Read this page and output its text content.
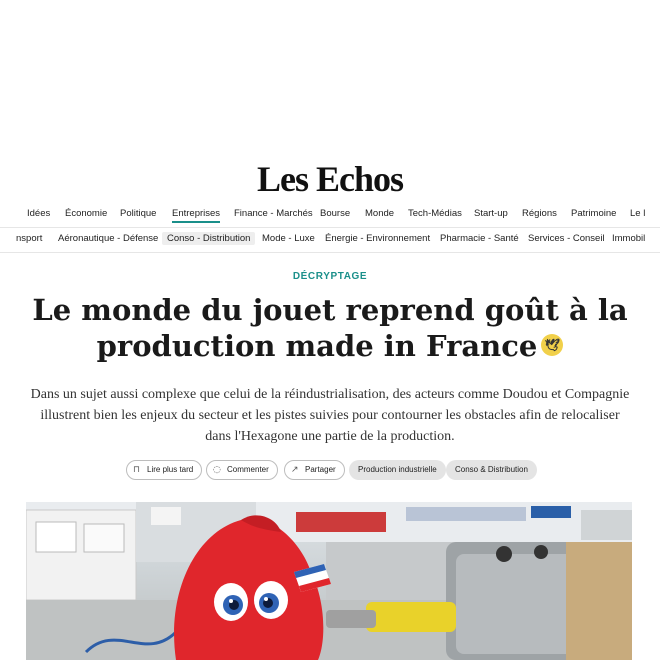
Les Echos
Idées Économie Politique Entreprises Finance - Marchés Bourse Monde Tech-Médias Start-up Régions Patrimoine Le l
nsport Aéronautique - Défense Conso - Distribution	Mode - Luxe Énergie - Environnement Pharmacie - Santé Services - Conseil Immobil
DÉCRYPTAGE
Le monde du jouet reprend goût à la production made in France 🕊

Dans un sujet aussi complexe que celui de la réindustrialisation, des acteurs comme Doudou et Compagnie illustrent bien les enjeux du secteur et les pistes suivies pour contourner les obstacles afin de relocaliser dans l'Hexagone une partie de la production.

⊓ Lire plus tard	◌ Commenter	↗ Partager	Production industrielle	Conso & Distribution
